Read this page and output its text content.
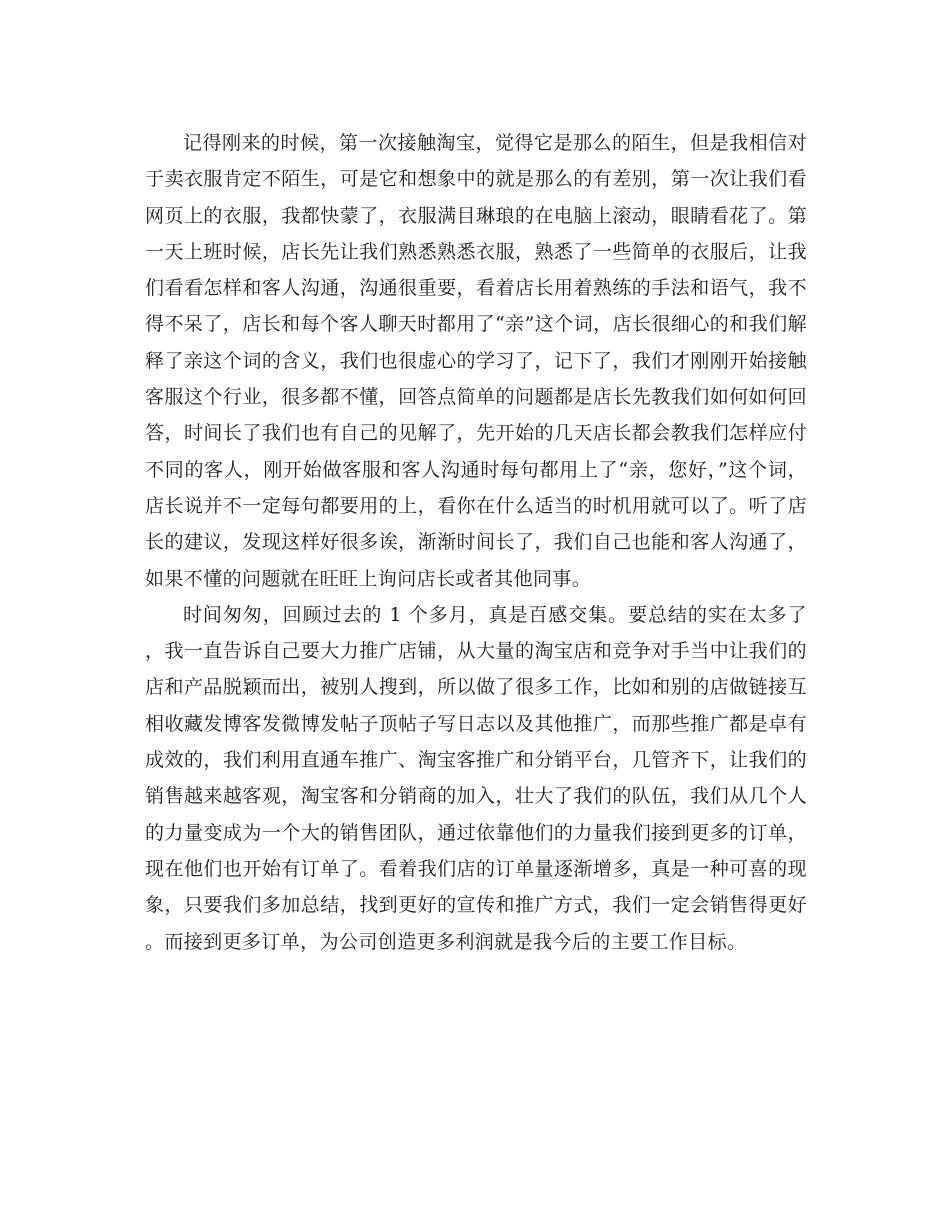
记得刚来的时候，第一次接触淘宝，觉得它是那么的陌生，但是我相信对于卖衣服肯定不陌生，可是它和想象中的就是那么的有差别，第一次让我们看网页上的衣服，我都快蒙了，衣服满目琳琅的在电脑上滚动，眼睛看花了。第一天上班时候，店长先让我们熟悉熟悉衣服，熟悉了一些简单的衣服后，让我们看看怎样和客人沟通，沟通很重要，看着店长用着熟练的手法和语气，我不得不呆了，店长和每个客人聊天时都用了“亲”这个词，店长很细心的和我们解释了亲这个词的含义，我们也很虚心的学习了，记下了，我们才刚刚开始接触客服这个行业，很多都不懂，回答点简单的问题都是店长先教我们如何如何回答，时间长了我们也有自己的见解了，先开始的几天店长都会教我们怎样应付不同的客人，刚开始做客服和客人沟通时每句都用上了“亲，您好，”这个词，店长说并不一定每句都要用的上，看你在什么适当的时机用就可以了。听了店长的建议，发现这样好很多诶，渐渐时间长了，我们自己也能和客人沟通了，如果不懂的问题就在旺旺上询问店长或者其他同事。

时间匆匆，回顾过去的 1 个多月，真是百感交集。要总结的实在太多了，我一直告诉自己要大力推广店铺，从大量的淘宝店和竞争对手当中让我们的店和产品脱颖而出，被别人搜到，所以做了很多工作，比如和别的店做链接互相收藏发博客发微博发帖子顶帖子写日志以及其他推广，而那些推广都是卓有成效的，我们利用直通车推广、淘宝客推广和分销平台，几管齐下，让我们的销售越来越客观，淘宝客和分销商的加入，壮大了我们的队伍，我们从几个人的力量变成为一个大的销售团队，通过依靠他们的力量我们接到更多的订单，现在他们也开始有订单了。看着我们店的订单量逐渐增多，真是一种可喜的现象，只要我们多加总结，找到更好的宣传和推广方式，我们一定会销售得更好。而接到更多订单，为公司创造更多利润就是我今后的主要工作目标。
